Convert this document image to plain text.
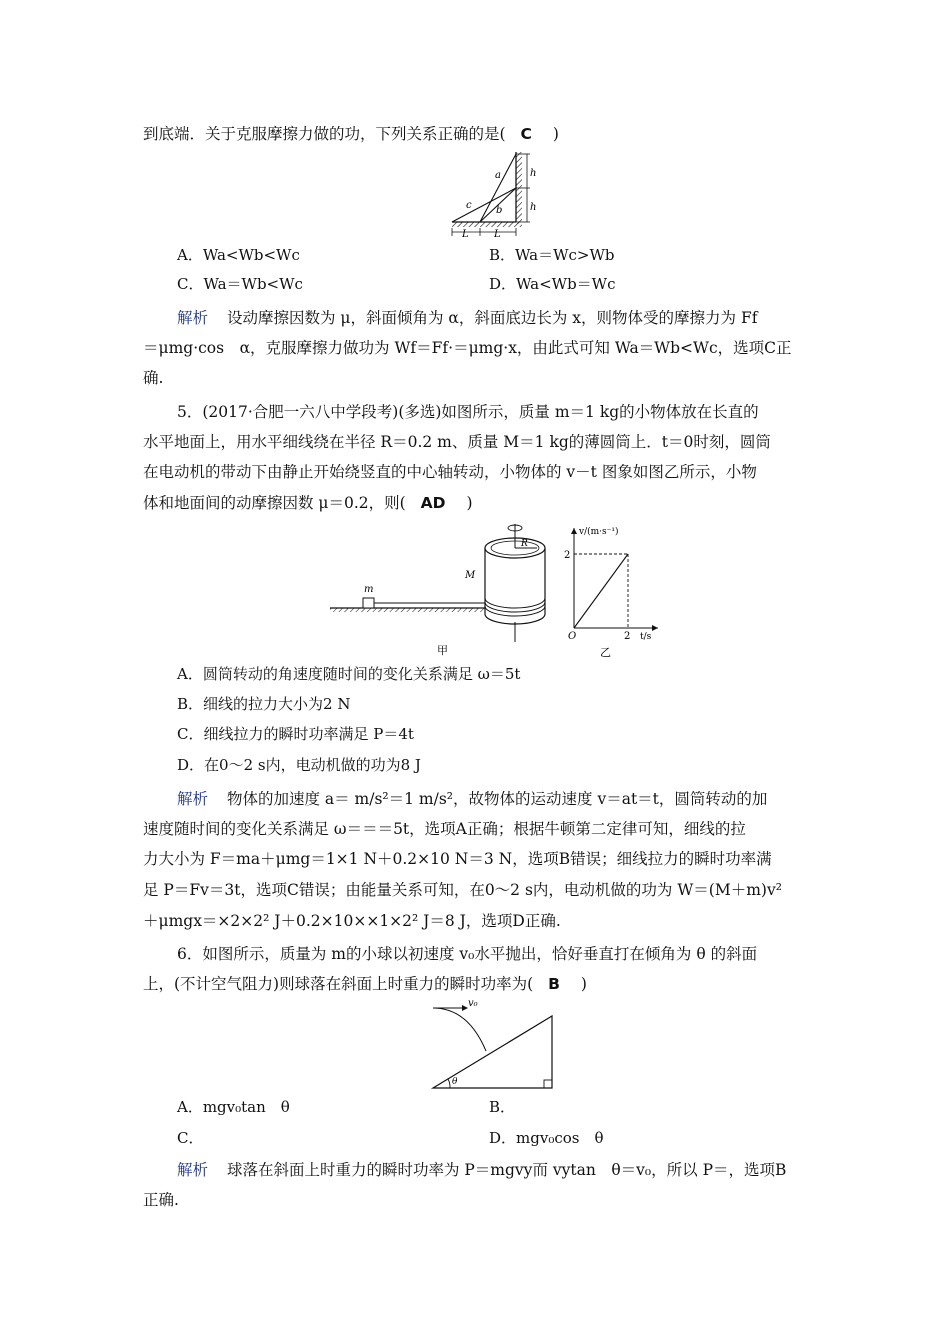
到底端．关于克服摩擦力做的功，下列关系正确的是( C )
a
b
c
h
h
L	L
A．Wa<Wb<Wc	B．Wa＝Wc>Wb
C．Wa＝Wb<Wc	D．Wa<Wb＝Wc
解析 设动摩擦因数为 μ，斜面倾角为 α，斜面底边长为 x，则物体受的摩擦力为 Ff
＝μmg·cos　α，克服摩擦力做功为 Wf＝Ff·＝μmg·x，由此式可知 Wa＝Wb<Wc，选项C正
确.
5．(2017·合肥一六八中学段考)(多选)如图所示，质量 m＝1 kg的小物体放在长直的
水平地面上，用水平细线绕在半径 R＝0.2 m、质量 M＝1 kg的薄圆筒上．t＝0时刻，圆筒
在电动机的带动下由静止开始绕竖直的中心轴转动，小物体的 v－t 图象如图乙所示，小物
体和地面间的动摩擦因数 μ＝0.2，则( AD )
m
R
M
甲
v/(m·s⁻¹)
2
O	2 t/s
乙
A．圆筒转动的角速度随时间的变化关系满足 ω＝5t
B．细线的拉力大小为2 N
C．细线拉力的瞬时功率满足 P＝4t
D．在0～2 s内，电动机做的功为8 J
解析 物体的加速度 a＝ m/s²＝1 m/s²，故物体的运动速度 v＝at＝t，圆筒转动的加
速度随时间的变化关系满足 ω＝＝＝5t，选项A正确；根据牛顿第二定律可知，细线的拉
力大小为 F＝ma＋μmg＝1×1 N＋0.2×10 N＝3 N，选项B错误；细线拉力的瞬时功率满
足 P＝Fv＝3t，选项C错误；由能量关系可知，在0～2 s内，电动机做的功为 W＝(M＋m)v²
＋μmgx＝×2×2² J＋0.2×10××1×2² J＝8 J，选项D正确.
6．如图所示，质量为 m的小球以初速度 v₀水平抛出，恰好垂直打在倾角为 θ 的斜面
上，(不计空气阻力)则球落在斜面上时重力的瞬时功率为( B )
v₀
θ
A．mgv₀tan　θ	B．
C．	D．mgv₀cos　θ
解析 球落在斜面上时重力的瞬时功率为 P＝mgvy而 vytan　θ＝v₀，所以 P＝，选项B
正确.
